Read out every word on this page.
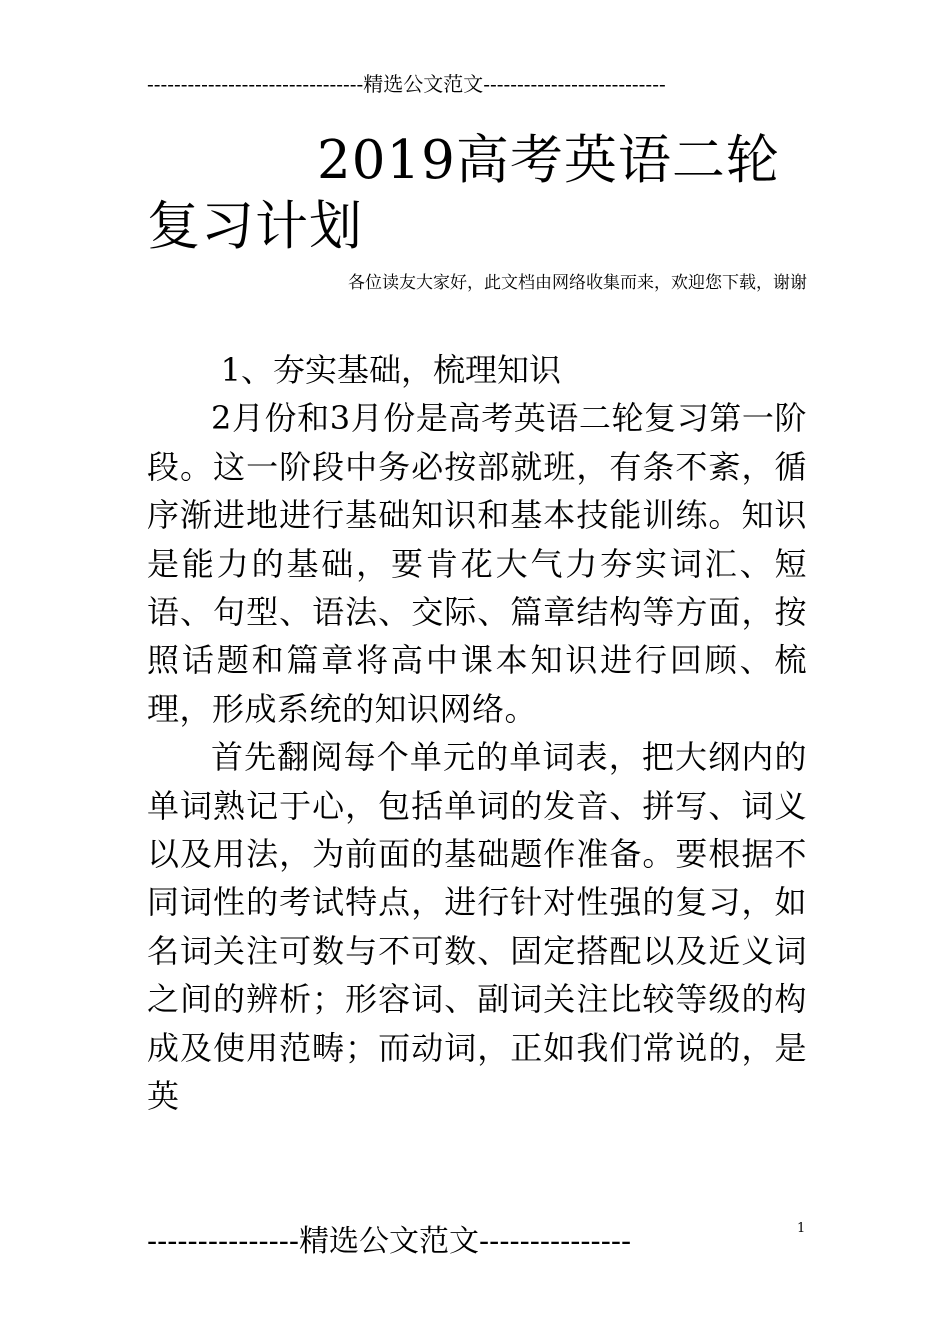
--------------------------------精选公文范文---------------------------
2019高考英语二轮复习计划
各位读友大家好，此文档由网络收集而来，欢迎您下载，谢谢
1、夯实基础，梳理知识

2月份和3月份是高考英语二轮复习第一阶段。这一阶段中务必按部就班，有条不紊，循序渐进地进行基础知识和基本技能训练。知识是能力的基础，要肯花大气力夯实词汇、短语、句型、语法、交际、篇章结构等方面，按照话题和篇章将高中课本知识进行回顾、梳理，形成系统的知识网络。

首先翻阅每个单元的单词表，把大纲内的单词熟记于心，包括单词的发音、拼写、词义以及用法，为前面的基础题作准备。要根据不同词性的考试特点，进行针对性强的复习，如名词关注可数与不可数、固定搭配以及近义词之间的辨析；形容词、副词关注比较等级的构成及使用范畴；而动词，正如我们常说的，是英

---------------精选公文范文---------------	1
